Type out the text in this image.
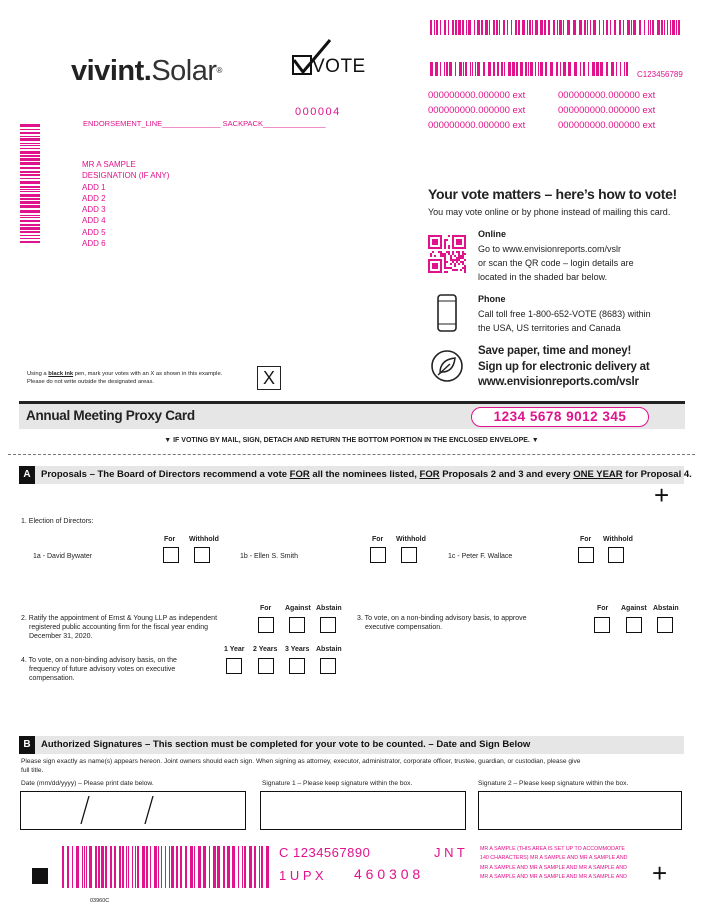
vivint.Solar®	VOTE	C123456789
000000000.000000 ext	000000000.000000 ext
000000000.000000 ext	000000000.000000 ext
000000000.000000 ext	000000000.000000 ext
000004
ENDORSEMENT_LINE______________ SACKPACK_______________
MR A SAMPLE
DESIGNATION (IF ANY)
ADD 1
ADD 2
ADD 3
ADD 4
ADD 5
ADD 6
Your vote matters – here’s how to vote!
You may vote online or by phone instead of mailing this card.
Online
Go to www.envisionreports.com/vslr
or scan the QR code – login details are
located in the shaded bar below.
Phone
Call toll free 1-800-652-VOTE (8683) within
the USA, US territories and Canada
Save paper, time and money!
Sign up for electronic delivery at
www.envisionreports.com/vslr
Using a black ink pen, mark your votes with an X as shown in this example.
Please do not write outside the designated areas.	X
Annual Meeting Proxy Card	1234 5678 9012 345
▼ IF VOTING BY MAIL, SIGN, DETACH AND RETURN THE BOTTOM PORTION IN THE ENCLOSED ENVELOPE. ▼
A	Proposals – The Board of Directors recommend a vote FOR all the nominees listed, FOR Proposals 2 and 3 and every ONE YEAR for Proposal 4.
+
1. Election of Directors:
For Withhold
1a - David Bywater
For Withhold
1b - Ellen S. Smith
For Withhold
1c - Peter F. Wallace
2. Ratify the appointment of Ernst & Young LLP as independent
registered public accounting firm for the fiscal year ending
December 31, 2020.
For Against Abstain
3. To vote, on a non-binding advisory basis, to approve
executive compensation.
For Against Abstain
4. To vote, on a non-binding advisory basis, on the
frequency of future advisory votes on executive
compensation.
1 Year 2 Years 3 Years Abstain
B	Authorized Signatures – This section must be completed for your vote to be counted. – Date and Sign Below
Please sign exactly as name(s) appears hereon. Joint owners should each sign. When signing as attorney, executor, administrator, corporate officer, trustee, guardian, or custodian, please give
full title.
Date (mm/dd/yyyy) – Please print date below.	Signature 1 – Please keep signature within the box.	Signature 2 – Please keep signature within the box.
C 1234567890	J N T
1 U P X 4 6 0 3 0 8
MR A SAMPLE (THIS AREA IS SET UP TO ACCOMMODATE
140 CHARACTERS) MR A SAMPLE AND MR A SAMPLE AND
MR A SAMPLE AND MR A SAMPLE AND MR A SAMPLE AND
MR A SAMPLE AND MR A SAMPLE AND MR A SAMPLE AND +
03960C
